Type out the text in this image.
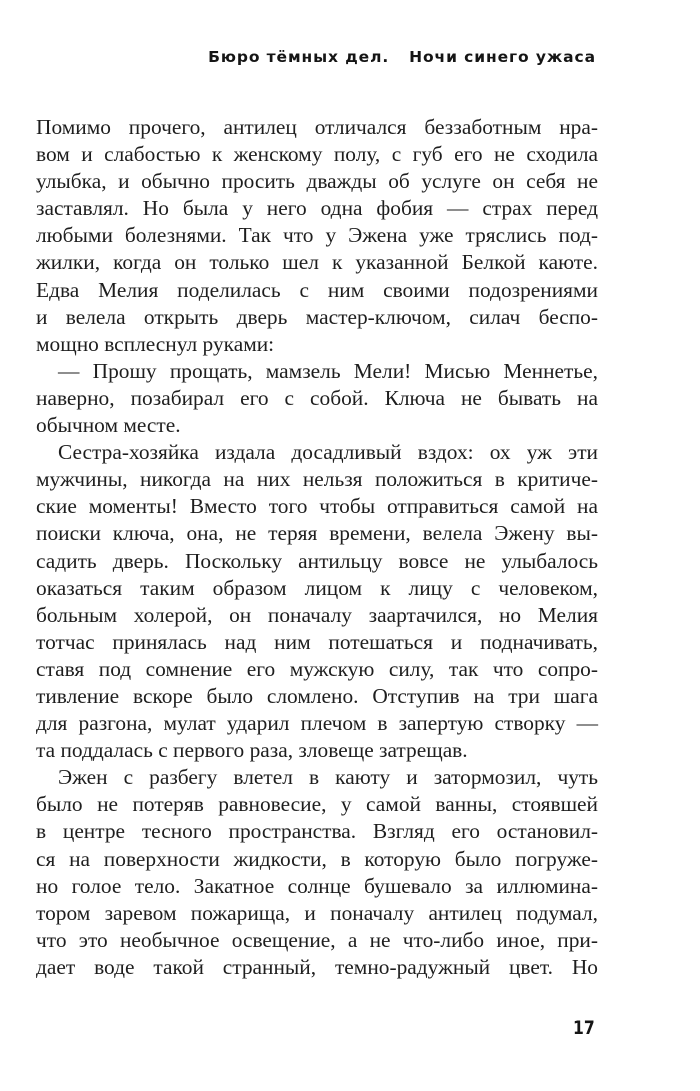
Бюро тёмных дел. Ночи синего ужаса
Помимо прочего, антилец отличался беззаботным нра-
вом и слабостью к женскому полу, с губ его не сходила
улыбка, и обычно просить дважды об услуге он себя не
заставлял. Но была у него одна фобия — страх перед
любыми болезнями. Так что у Эжена уже тряслись под-
жилки, когда он только шел к указанной Белкой каюте.
Едва Мелия поделилась с ним своими подозрениями
и велела открыть дверь мастер-ключом, силач беспо-
мощно всплеснул руками:
— Прошу прощать, мамзель Мели! Мисью Меннетье,
наверно, позабирал его с собой. Ключа не бывать на
обычном месте.
Сестра-хозяйка издала досадливый вздох: ох уж эти
мужчины, никогда на них нельзя положиться в критиче-
ские моменты! Вместо того чтобы отправиться самой на
поиски ключа, она, не теряя времени, велела Эжену вы-
садить дверь. Поскольку антильцу вовсе не улыбалось
оказаться таким образом лицом к лицу с человеком,
больным холерой, он поначалу заартачился, но Мелия
тотчас принялась над ним потешаться и подначивать,
ставя под сомнение его мужскую силу, так что сопро-
тивление вскоре было сломлено. Отступив на три шага
для разгона, мулат ударил плечом в запертую створку —
та поддалась с первого раза, зловеще затрещав.
Эжен с разбегу влетел в каюту и затормозил, чуть
было не потеряв равновесие, у самой ванны, стоявшей
в центре тесного пространства. Взгляд его остановил-
ся на поверхности жидкости, в которую было погруже-
но голое тело. Закатное солнце бушевало за иллюмина-
тором заревом пожарища, и поначалу антилец подумал,
что это необычное освещение, а не что-либо иное, при-
дает воде такой странный, темно-радужный цвет. Но
17
